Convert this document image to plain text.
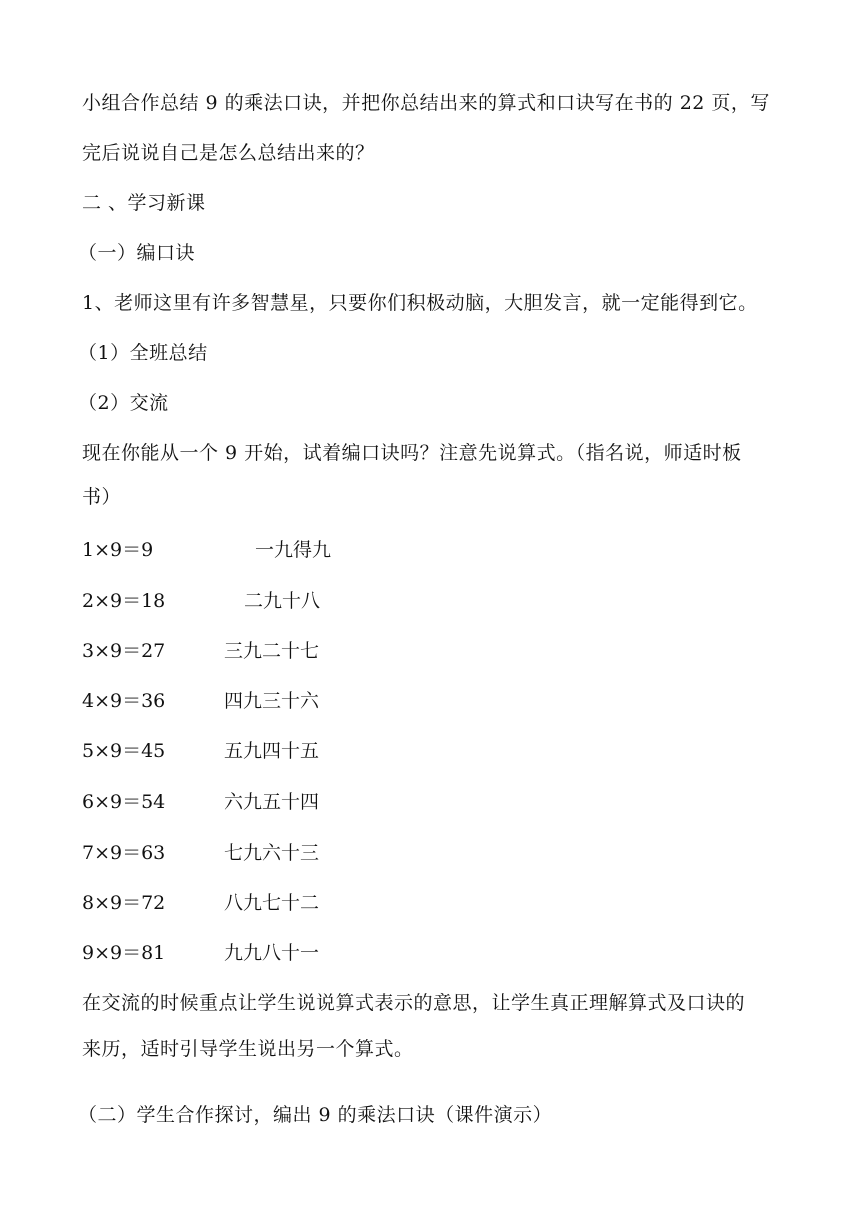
小组合作总结 9 的乘法口诀，并把你总结出来的算式和口诀写在书的 22 页，写
完后说说自己是怎么总结出来的？
二 、学习新课
（一）编口诀
1、老师这里有许多智慧星，只要你们积极动脑，大胆发言，就一定能得到它。
（1）全班总结
（2）交流
现在你能从一个 9 开始，试着编口诀吗？注意先说算式。（指名说，师适时板
书）
1×9＝9	一九得九
2×9＝18	二九十八
3×9＝27	三九二十七
4×9＝36	四九三十六
5×9＝45	五九四十五
6×9＝54	六九五十四
7×9＝63	七九六十三
8×9＝72	八九七十二
9×9＝81	九九八十一
在交流的时候重点让学生说说算式表示的意思，让学生真正理解算式及口诀的
来历，适时引导学生说出另一个算式。
（二）学生合作探讨，编出 9 的乘法口诀（课件演示）
